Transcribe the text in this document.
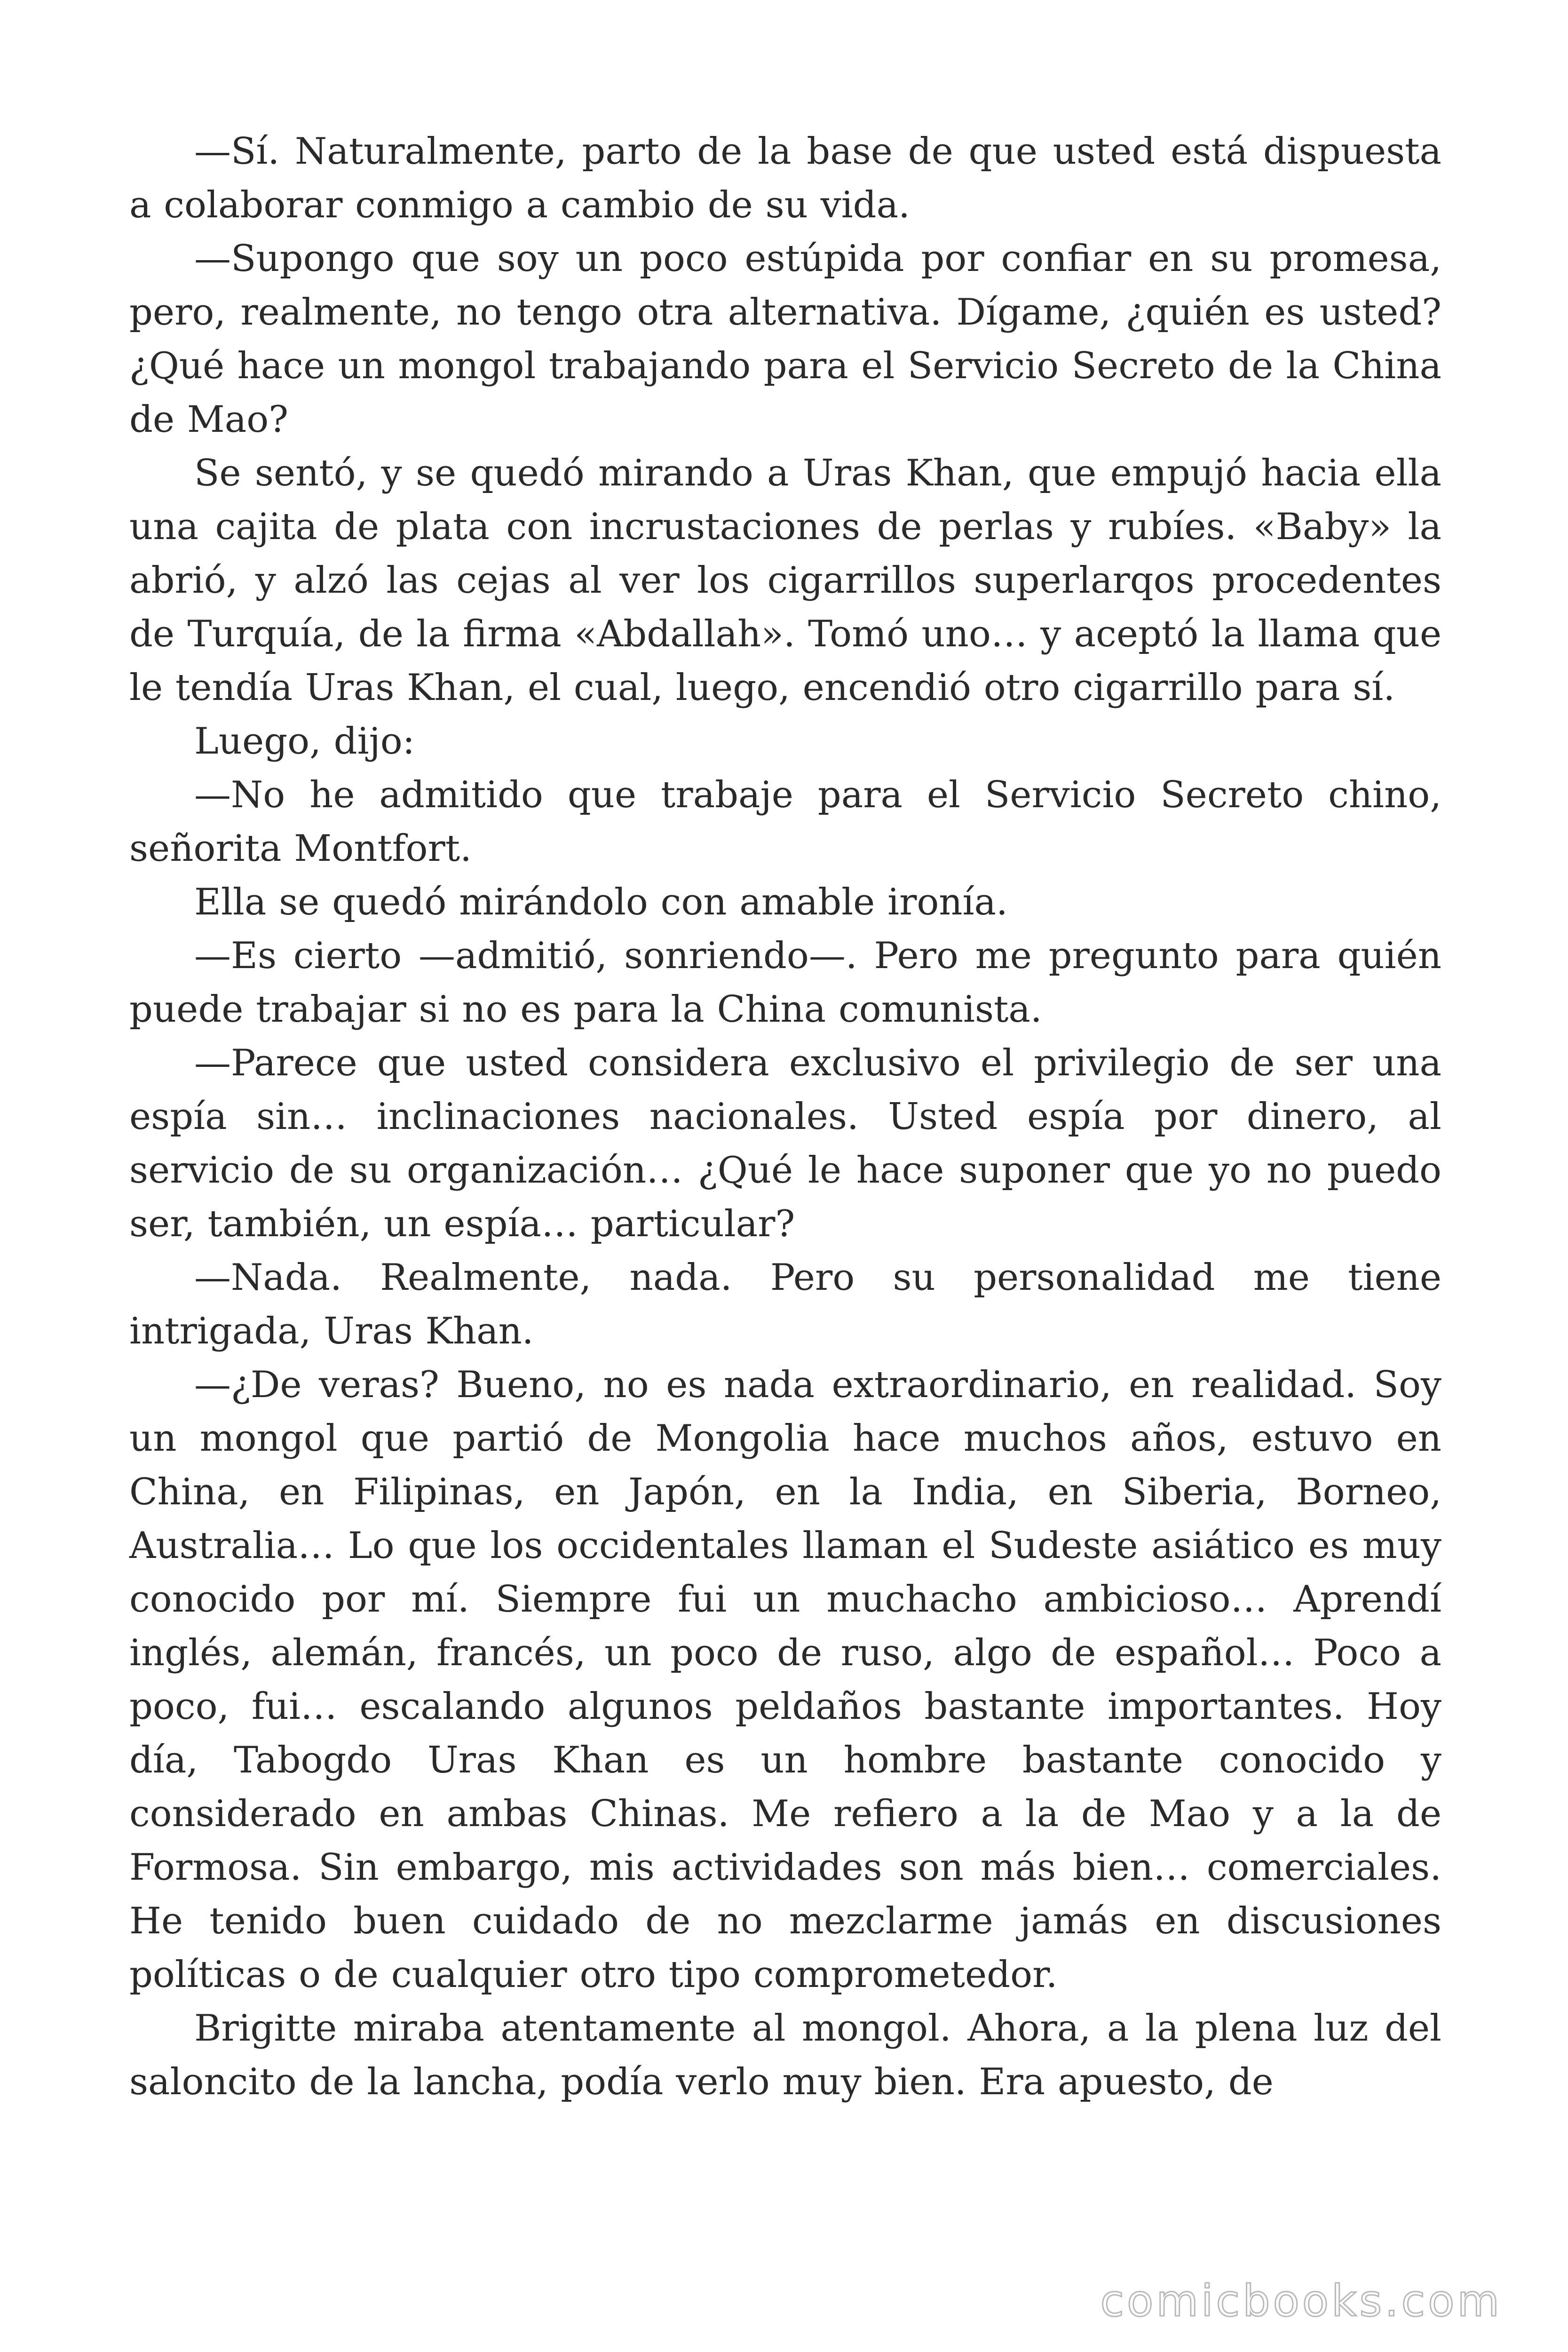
—Sí. Naturalmente, parto de la base de que usted está dispuesta a colaborar conmigo a cambio de su vida.

—Supongo que soy un poco estúpida por confiar en su promesa, pero, realmente, no tengo otra alternativa. Dígame, ¿quién es usted? ¿Qué hace un mongol trabajando para el Servicio Secreto de la China de Mao?

Se sentó, y se quedó mirando a Uras Khan, que empujó hacia ella una cajita de plata con incrustaciones de perlas y rubíes. «Baby» la abrió, y alzó las cejas al ver los cigarrillos superlarqos procedentes de Turquía, de la firma «Abdallah». Tomó uno… y aceptó la llama que le tendía Uras Khan, el cual, luego, encendió otro cigarrillo para sí.

Luego, dijo:

—No he admitido que trabaje para el Servicio Secreto chino, señorita Montfort.

Ella se quedó mirándolo con amable ironía.

—Es cierto —admitió, sonriendo—. Pero me pregunto para quién puede trabajar si no es para la China comunista.

—Parece que usted considera exclusivo el privilegio de ser una espía sin… inclinaciones nacionales. Usted espía por dinero, al servicio de su organización… ¿Qué le hace suponer que yo no puedo ser, también, un espía… particular?

—Nada. Realmente, nada. Pero su personalidad me tiene intrigada, Uras Khan.

—¿De veras? Bueno, no es nada extraordinario, en realidad. Soy un mongol que partió de Mongolia hace muchos años, estuvo en China, en Filipinas, en Japón, en la India, en Siberia, Borneo, Australia… Lo que los occidentales llaman el Sudeste asiático es muy conocido por mí. Siempre fui un muchacho ambicioso… Aprendí inglés, alemán, francés, un poco de ruso, algo de español… Poco a poco, fui… escalando algunos peldaños bastante importantes. Hoy día, Tabogdo Uras Khan es un hombre bastante conocido y considerado en ambas Chinas. Me refiero a la de Mao y a la de Formosa. Sin embargo, mis actividades son más bien… comerciales. He tenido buen cuidado de no mezclarme jamás en discusiones políticas o de cualquier otro tipo comprometedor.

Brigitte miraba atentamente al mongol. Ahora, a la plena luz del saloncito de la lancha, podía verlo muy bien. Era apuesto, de

comicbooks.com
